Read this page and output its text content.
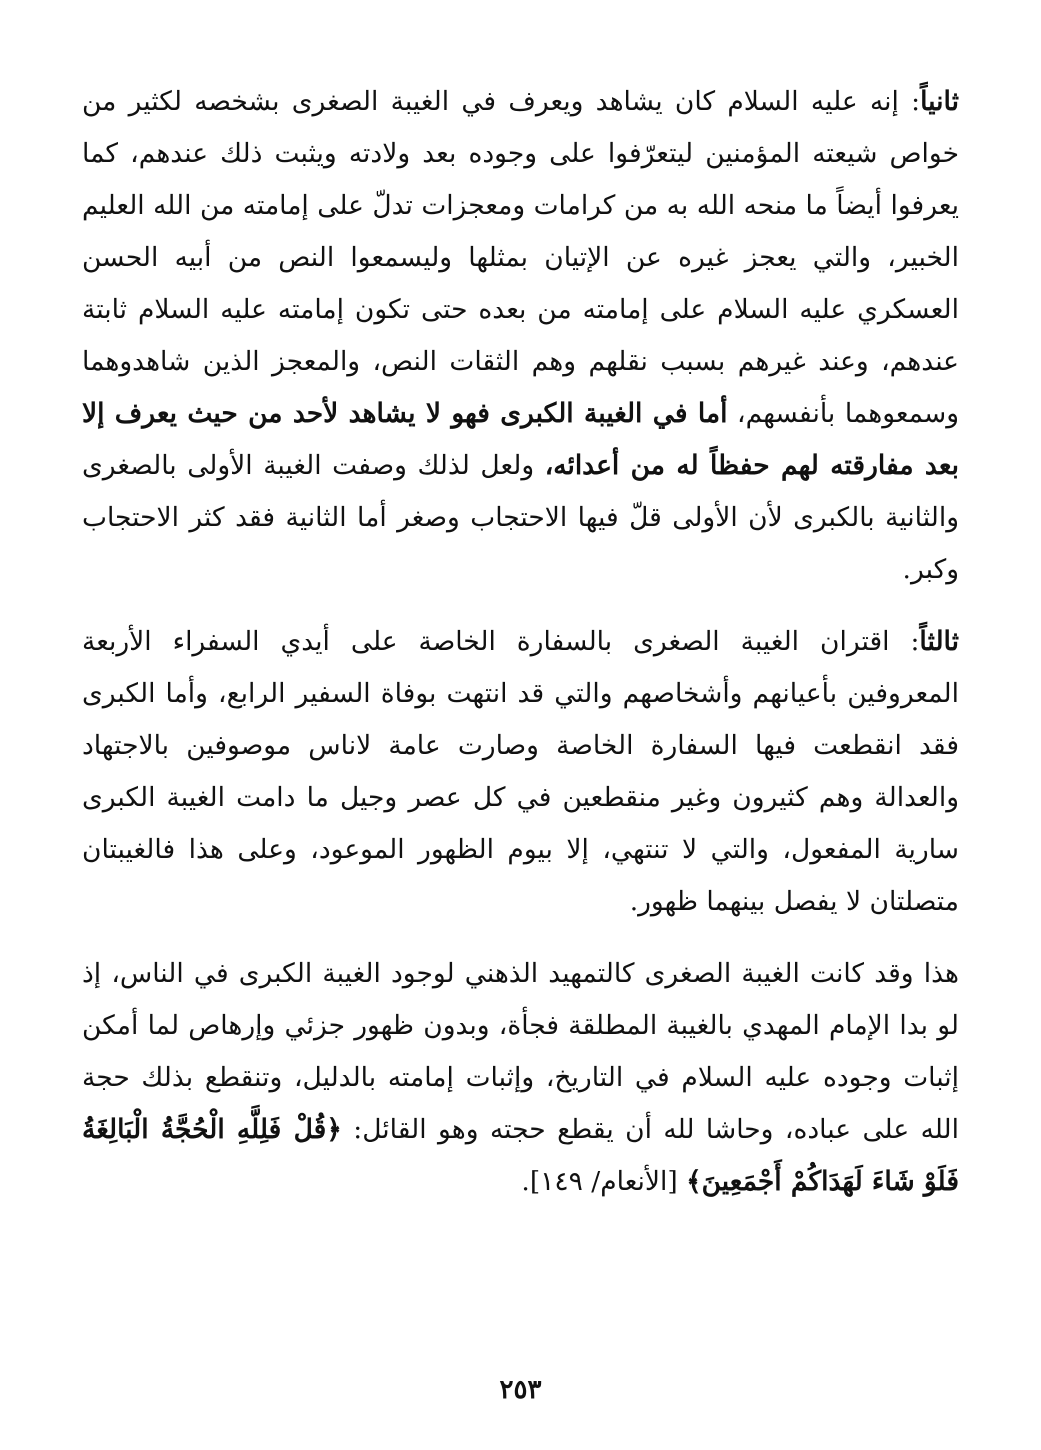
ثانياً: إنه عليه السلام كان يشاهد ويعرف في الغيبة الصغرى بشخصه لكثير من خواص شيعته المؤمنين ليتعرّفوا على وجوده بعد ولادته ويثبت ذلك عندهم، كما يعرفوا أيضاً ما منحه الله به من كرامات ومعجزات تدلّ على إمامته من الله العليم الخبير، والتي يعجز غيره عن الإتيان بمثلها وليسمعوا النص من أبيه الحسن العسكري عليه السلام على إمامته من بعده حتى تكون إمامته عليه السلام ثابتة عندهم، وعند غيرهم بسبب نقلهم وهم الثقات النص، والمعجز الذين شاهدوهما وسمعوهما بأنفسهم، أما في الغيبة الكبرى فهو لا يشاهد لأحد من حيث يعرف إلا بعد مفارقته لهم حفظاً له من أعدائه، ولعل لذلك وصفت الغيبة الأولى بالصغرى والثانية بالكبرى لأن الأولى قلّ فيها الاحتجاب وصغر أما الثانية فقد كثر الاحتجاب وكبر.

ثالثاً: اقتران الغيبة الصغرى بالسفارة الخاصة على أيدي السفراء الأربعة المعروفين بأعيانهم وأشخاصهم والتي قد انتهت بوفاة السفير الرابع، وأما الكبرى فقد انقطعت فيها السفارة الخاصة وصارت عامة لاناس موصوفين بالاجتهاد والعدالة وهم كثيرون وغير منقطعين في كل عصر وجيل ما دامت الغيبة الكبرى سارية المفعول، والتي لا تنتهي، إلا بيوم الظهور الموعود، وعلى هذا فالغيبتان متصلتان لا يفصل بينهما ظهور.

هذا وقد كانت الغيبة الصغرى كالتمهيد الذهني لوجود الغيبة الكبرى في الناس، إذ لو بدا الإمام المهدي بالغيبة المطلقة فجأة، وبدون ظهور جزئي وإرهاص لما أمكن إثبات وجوده عليه السلام في التاريخ، وإثبات إمامته بالدليل، وتنقطع بذلك حجة الله على عباده، وحاشا لله أن يقطع حجته وهو القائل: ﴿قُلْ فَلِلَّهِ الْحُجَّةُ الْبَالِغَةُ فَلَوْ شَاءَ لَهَدَاكُمْ أَجْمَعِينَ﴾ [الأنعام/ ١٤٩].

٢٥٣
